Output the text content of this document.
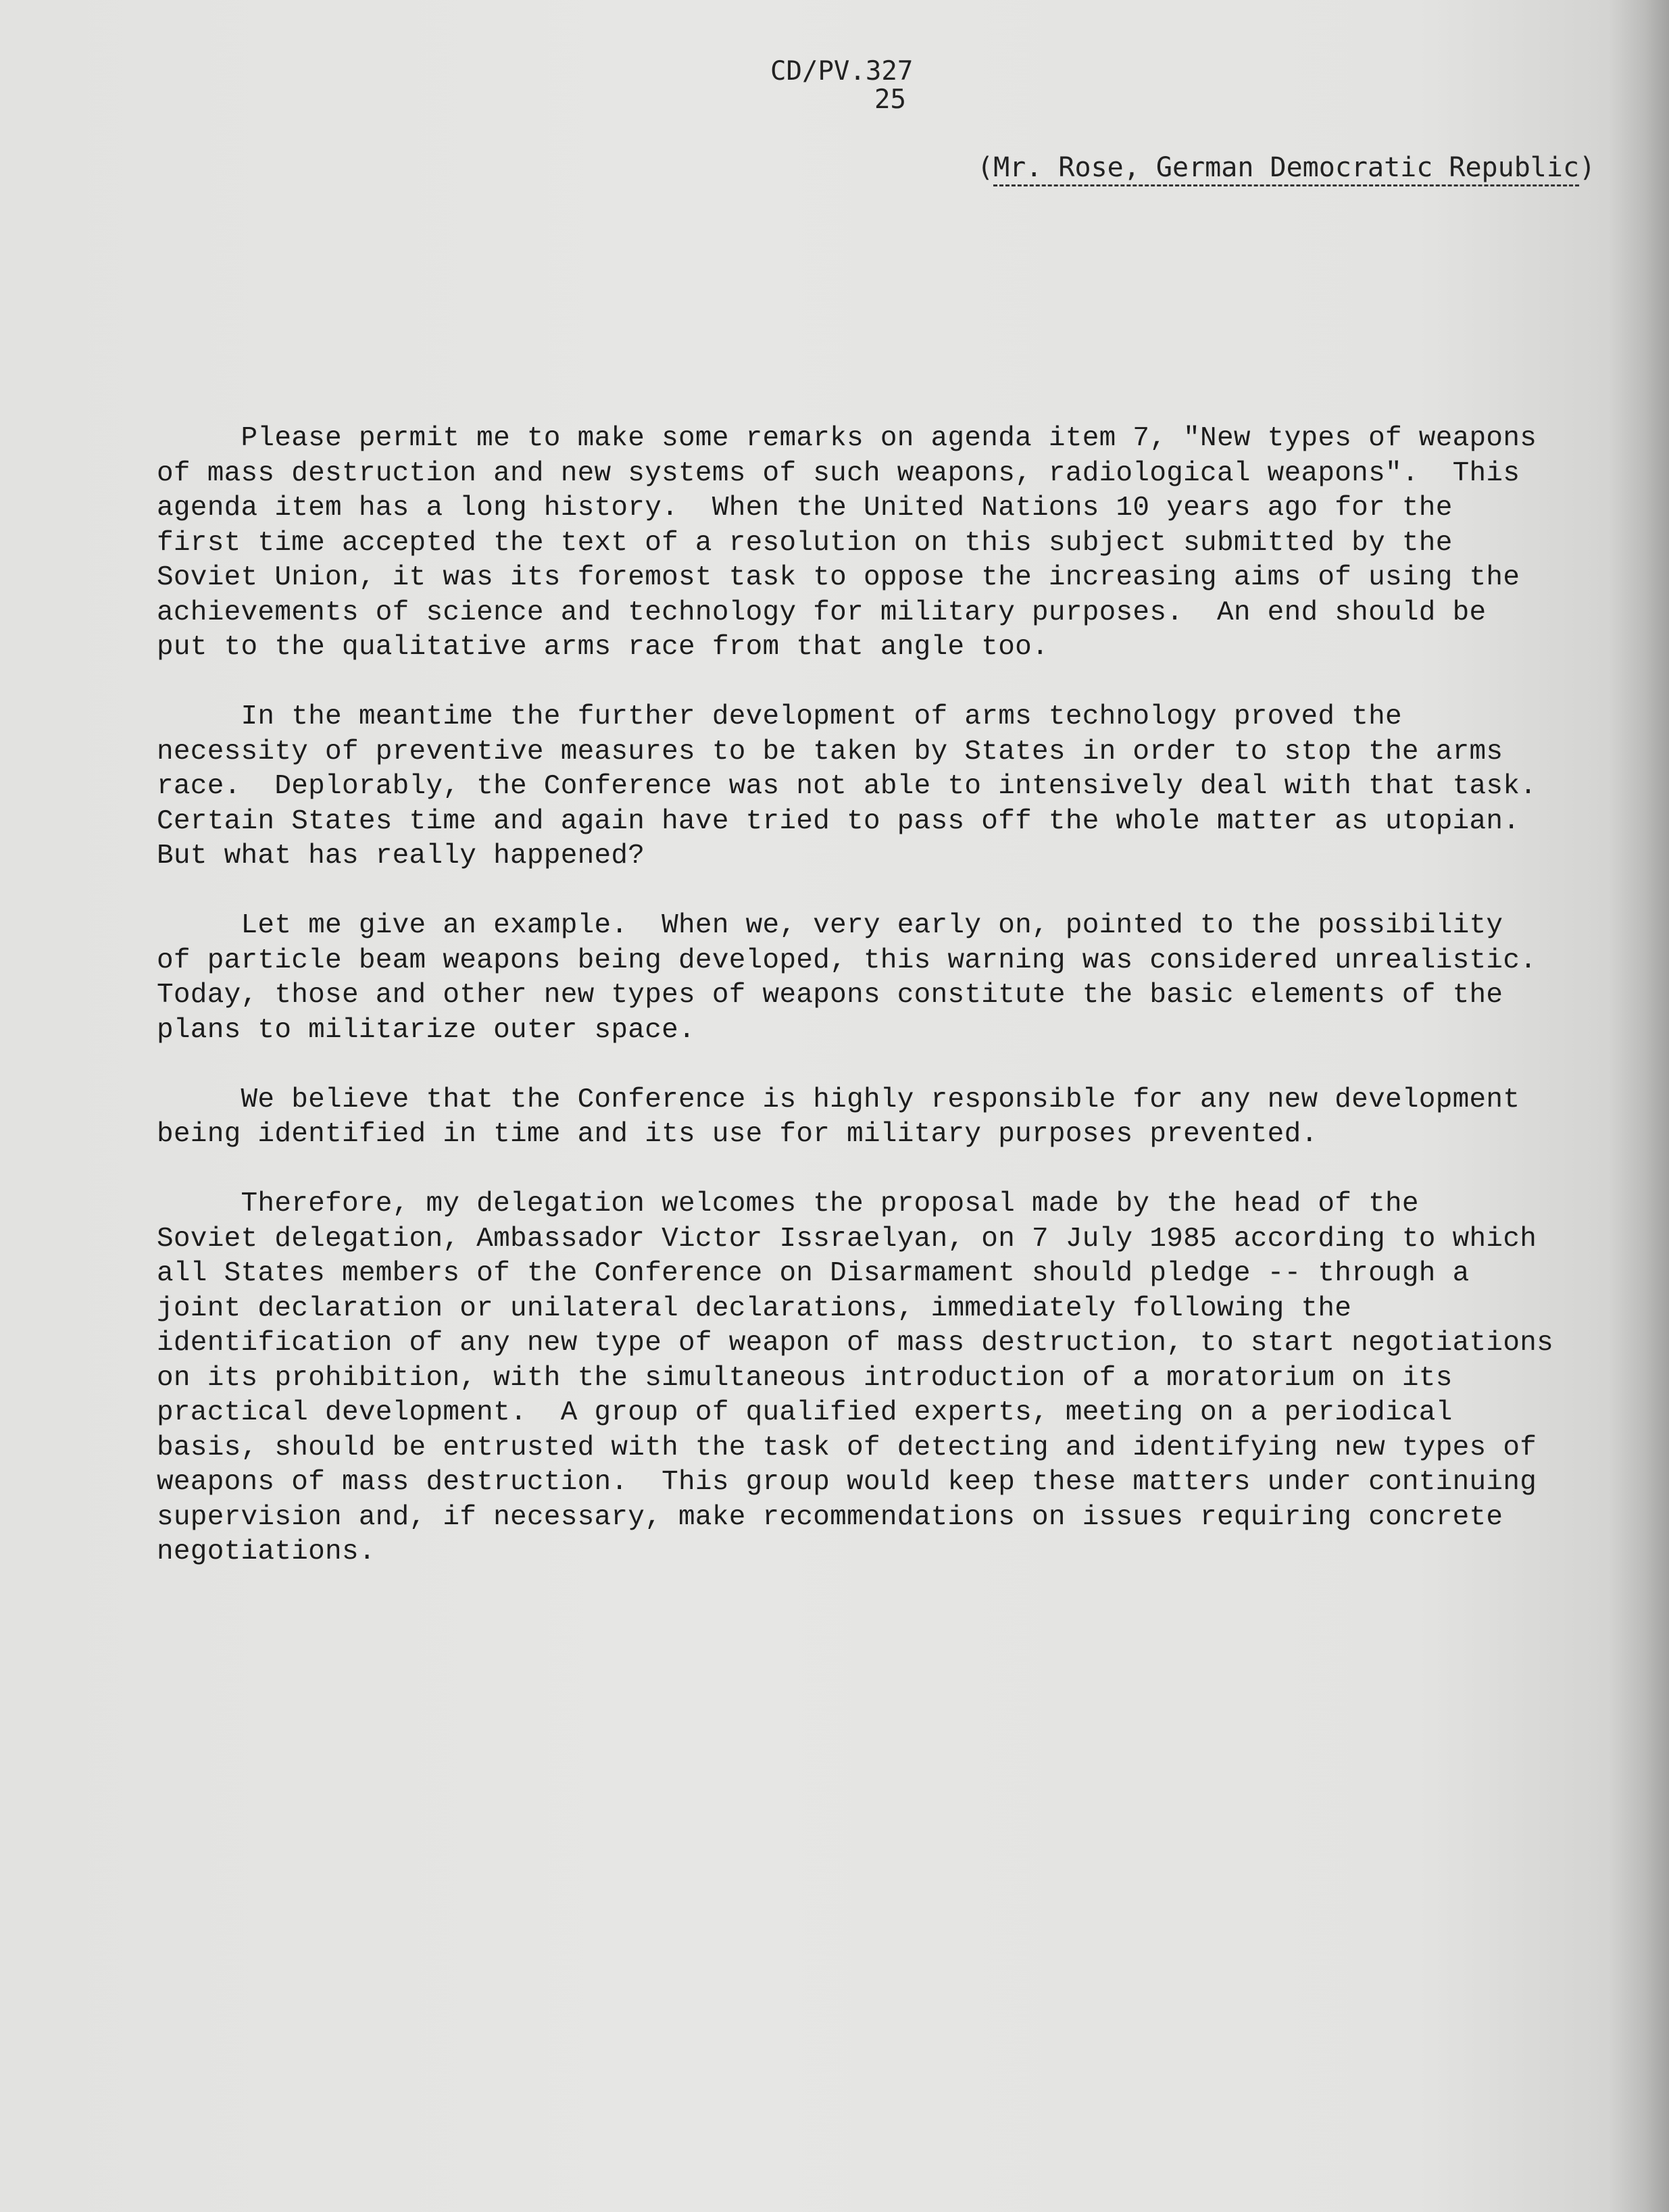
CD/PV.327
25
(Mr. Rose, German Democratic Republic)

Please permit me to make some remarks on agenda item 7, "New types of weapons
of mass destruction and new systems of such weapons, radiological weapons".  This
agenda item has a long history.  When the United Nations 10 years ago for the
first time accepted the text of a resolution on this subject submitted by the
Soviet Union, it was its foremost task to oppose the increasing aims of using the
achievements of science and technology for military purposes.  An end should be
put to the qualitative arms race from that angle too.

In the meantime the further development of arms technology proved the
necessity of preventive measures to be taken by States in order to stop the arms
race.  Deplorably, the Conference was not able to intensively deal with that task.
Certain States time and again have tried to pass off the whole matter as utopian.
But what has really happened?

Let me give an example.  When we, very early on, pointed to the possibility
of particle beam weapons being developed, this warning was considered unrealistic.
Today, those and other new types of weapons constitute the basic elements of the
plans to militarize outer space.

We believe that the Conference is highly responsible for any new development
being identified in time and its use for military purposes prevented.

Therefore, my delegation welcomes the proposal made by the head of the
Soviet delegation, Ambassador Victor Issraelyan, on 7 July 1985 according to which
all States members of the Conference on Disarmament should pledge -- through a
joint declaration or unilateral declarations, immediately following the
identification of any new type of weapon of mass destruction, to start negotiations
on its prohibition, with the simultaneous introduction of a moratorium on its
practical development.  A group of qualified experts, meeting on a periodical
basis, should be entrusted with the task of detecting and identifying new types of
weapons of mass destruction.  This group would keep these matters under continuing
supervision and, if necessary, make recommendations on issues requiring concrete
negotiations.
